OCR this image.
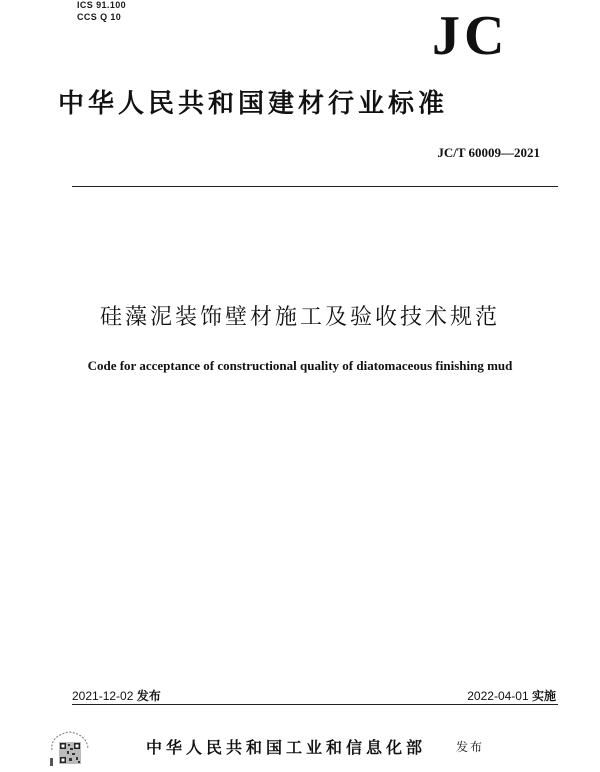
ICS 91.100
CCS Q 10	JC
中华人民共和国建材行业标准
JC/T 60009—2021
硅藻泥装饰壁材施工及验收技术规范
Code for acceptance of constructional quality of diatomaceous finishing mud
2021-12-02 发布	2022-04-01 实施
中华人民共和国工业和信息化部 发布
